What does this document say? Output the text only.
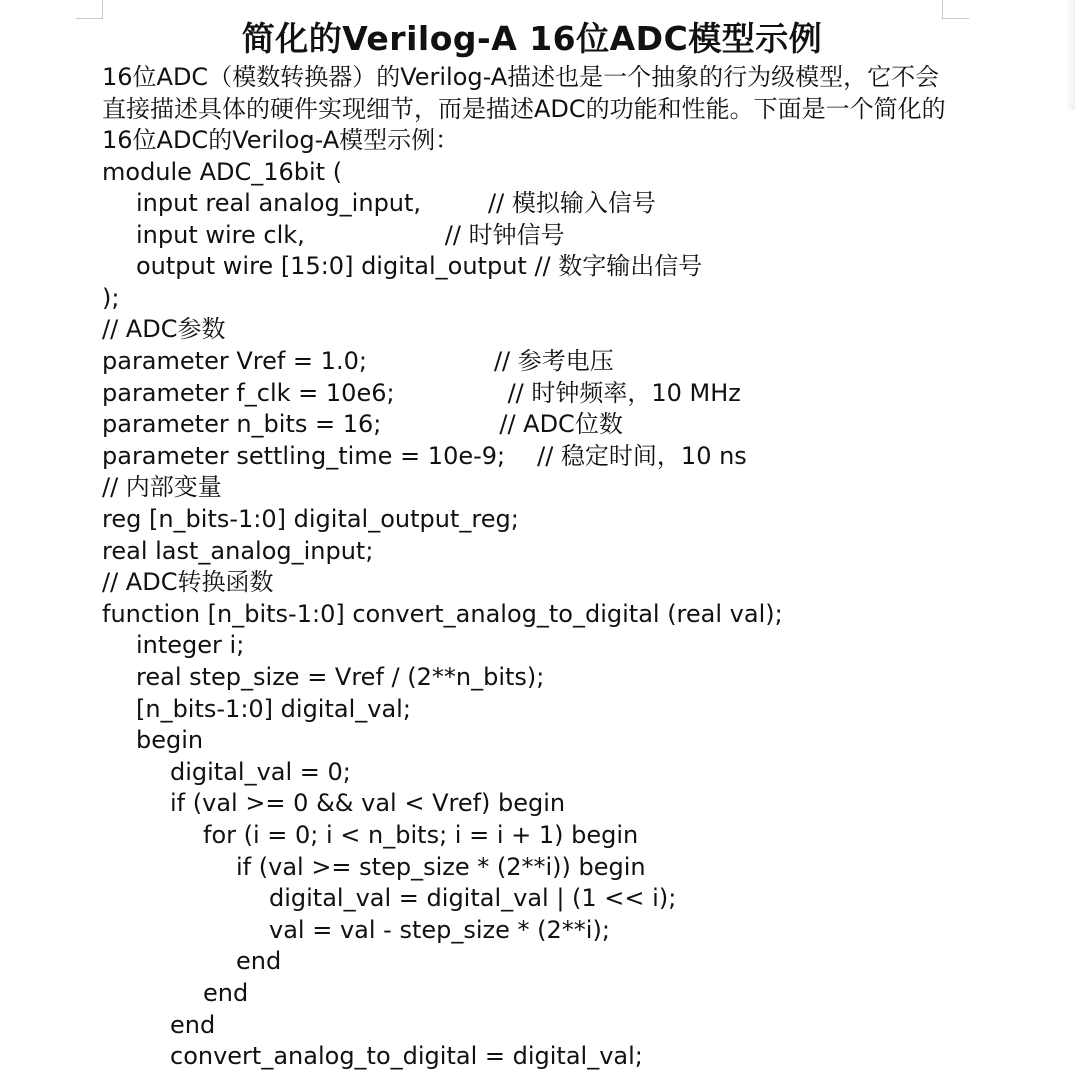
简化的Verilog-A 16位ADC模型示例

16位ADC（模数转换器）的Verilog-A描述也是一个抽象的行为级模型，它不会直接描述具体的硬件实现细节，而是描述ADC的功能和性能。下面是一个简化的16位ADC的Verilog-A模型示例：

module ADC_16bit (
input real analog_input,	// 模拟输入信号
input wire clk,	// 时钟信号
output wire [15:0] digital_output // 数字输出信号
);
// ADC参数
parameter Vref = 1.0;	// 参考电压
parameter f_clk = 10e6;	// 时钟频率，10 MHz
parameter n_bits = 16;	// ADC位数
parameter settling_time = 10e-9; // 稳定时间，10 ns
// 内部变量
reg [n_bits-1:0] digital_output_reg;
real last_analog_input;
// ADC转换函数
function [n_bits-1:0] convert_analog_to_digital (real val);
integer i;
real step_size = Vref / (2**n_bits);
[n_bits-1:0] digital_val;
begin
digital_val = 0;
if (val >= 0 && val < Vref) begin
for (i = 0; i < n_bits; i = i + 1) begin
if (val >= step_size * (2**i)) begin
digital_val = digital_val | (1 << i);
val = val - step_size * (2**i);
end
end
end
convert_analog_to_digital = digital_val;
